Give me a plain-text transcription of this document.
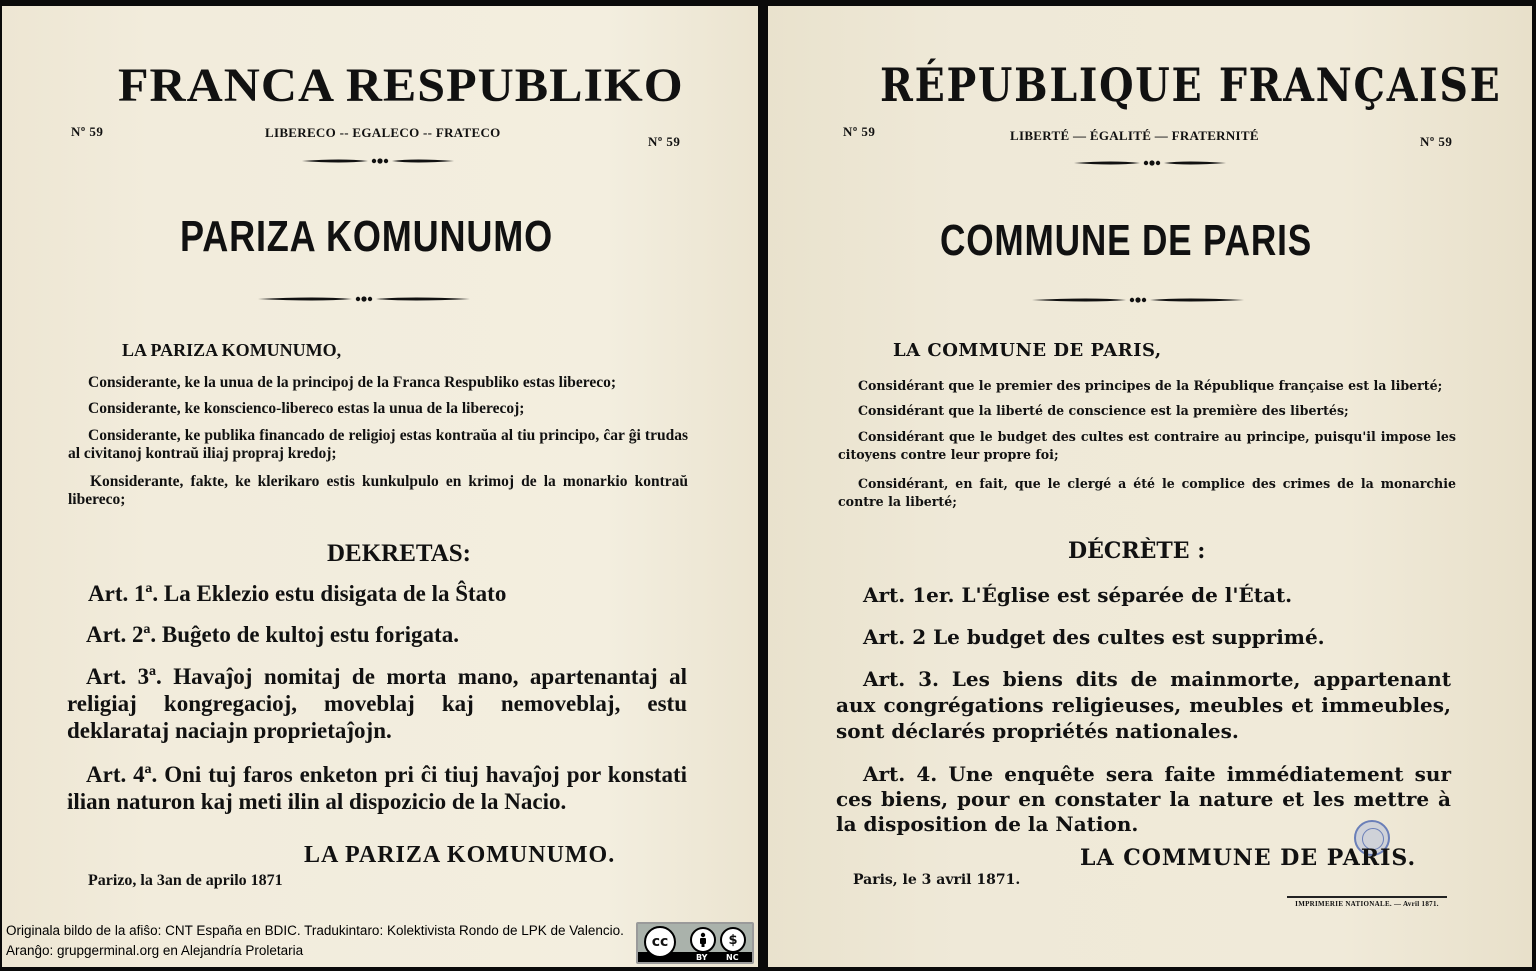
FRANCA RESPUBLIKO
Nº 59	LIBERECO -- EGALECO -- FRATECO
Nº 59
PARIZA KOMUNUMO
LA PARIZA KOMUNUMO,
Considerante, ke la unua de la principoj de la Franca Respubliko estas libereco;
Considerante, ke konscienco-libereco estas la unua de la liberecoj;
Considerante, ke publika financado de religioj estas kontraŭa al tiu principo, ĉar ĝi trudas al civitanoj kontraŭ iliaj propraj kredoj;
Konsiderante, fakte, ke klerikaro estis kunkulpulo en krimoj de la monarkio kontraŭ libereco;
DEKRETAS:
Art. 1ª. La Eklezio estu disigata de la Ŝtato
Art. 2ª. Buĝeto de kultoj estu forigata.
Art. 3ª. Havaĵoj nomitaj de morta mano, apartenantaj al religiaj kongregacioj, moveblaj kaj nemoveblaj, estu deklarataj naciajn proprietaĵojn.
Art. 4ª. Oni tuj faros enketon pri ĉi tiuj havaĵoj por konstati ilian naturon kaj meti ilin al dispozicio de la Nacio.
LA PARIZA KOMUNUMO.
Parizo, la 3an de aprilo 1871
RÉPUBLIQUE FRANÇAISE
Nº 59	LIBERTÉ — ÉGALITÉ — FRATERNITÉ	Nº 59
COMMUNE DE PARIS
LA COMMUNE DE PARIS,
Considérant que le premier des principes de la République française est la liberté;
Considérant que la liberté de conscience est la première des libertés;
Considérant que le budget des cultes est contraire au principe, puisqu'il impose les citoyens contre leur propre foi;
Considérant, en fait, que le clergé a été le complice des crimes de la monarchie contre la liberté;
DÉCRÈTE :
Art. 1er. L'Église est séparée de l'État.
Art. 2 Le budget des cultes est supprimé.
Art. 3. Les biens dits de mainmorte, appartenant aux congrégations religieuses, meubles et immeubles, sont déclarés propriétés nationales.
Art. 4. Une enquête sera faite immédiatement sur ces biens, pour en constater la nature et les mettre à la disposition de la Nation.
LA COMMUNE DE PARIS.
Paris, le 3 avril 1871.
IMPRIMERIE NATIONALE. — Avril 1871.
Originala bildo de la afiŝo: CNT España en BDIC. Tradukintaro: Kolektivista Rondo de LPK de Valencio.
Aranĝo: grupgerminal.org en Alejandría Proletaria
cc	$
BY NC
